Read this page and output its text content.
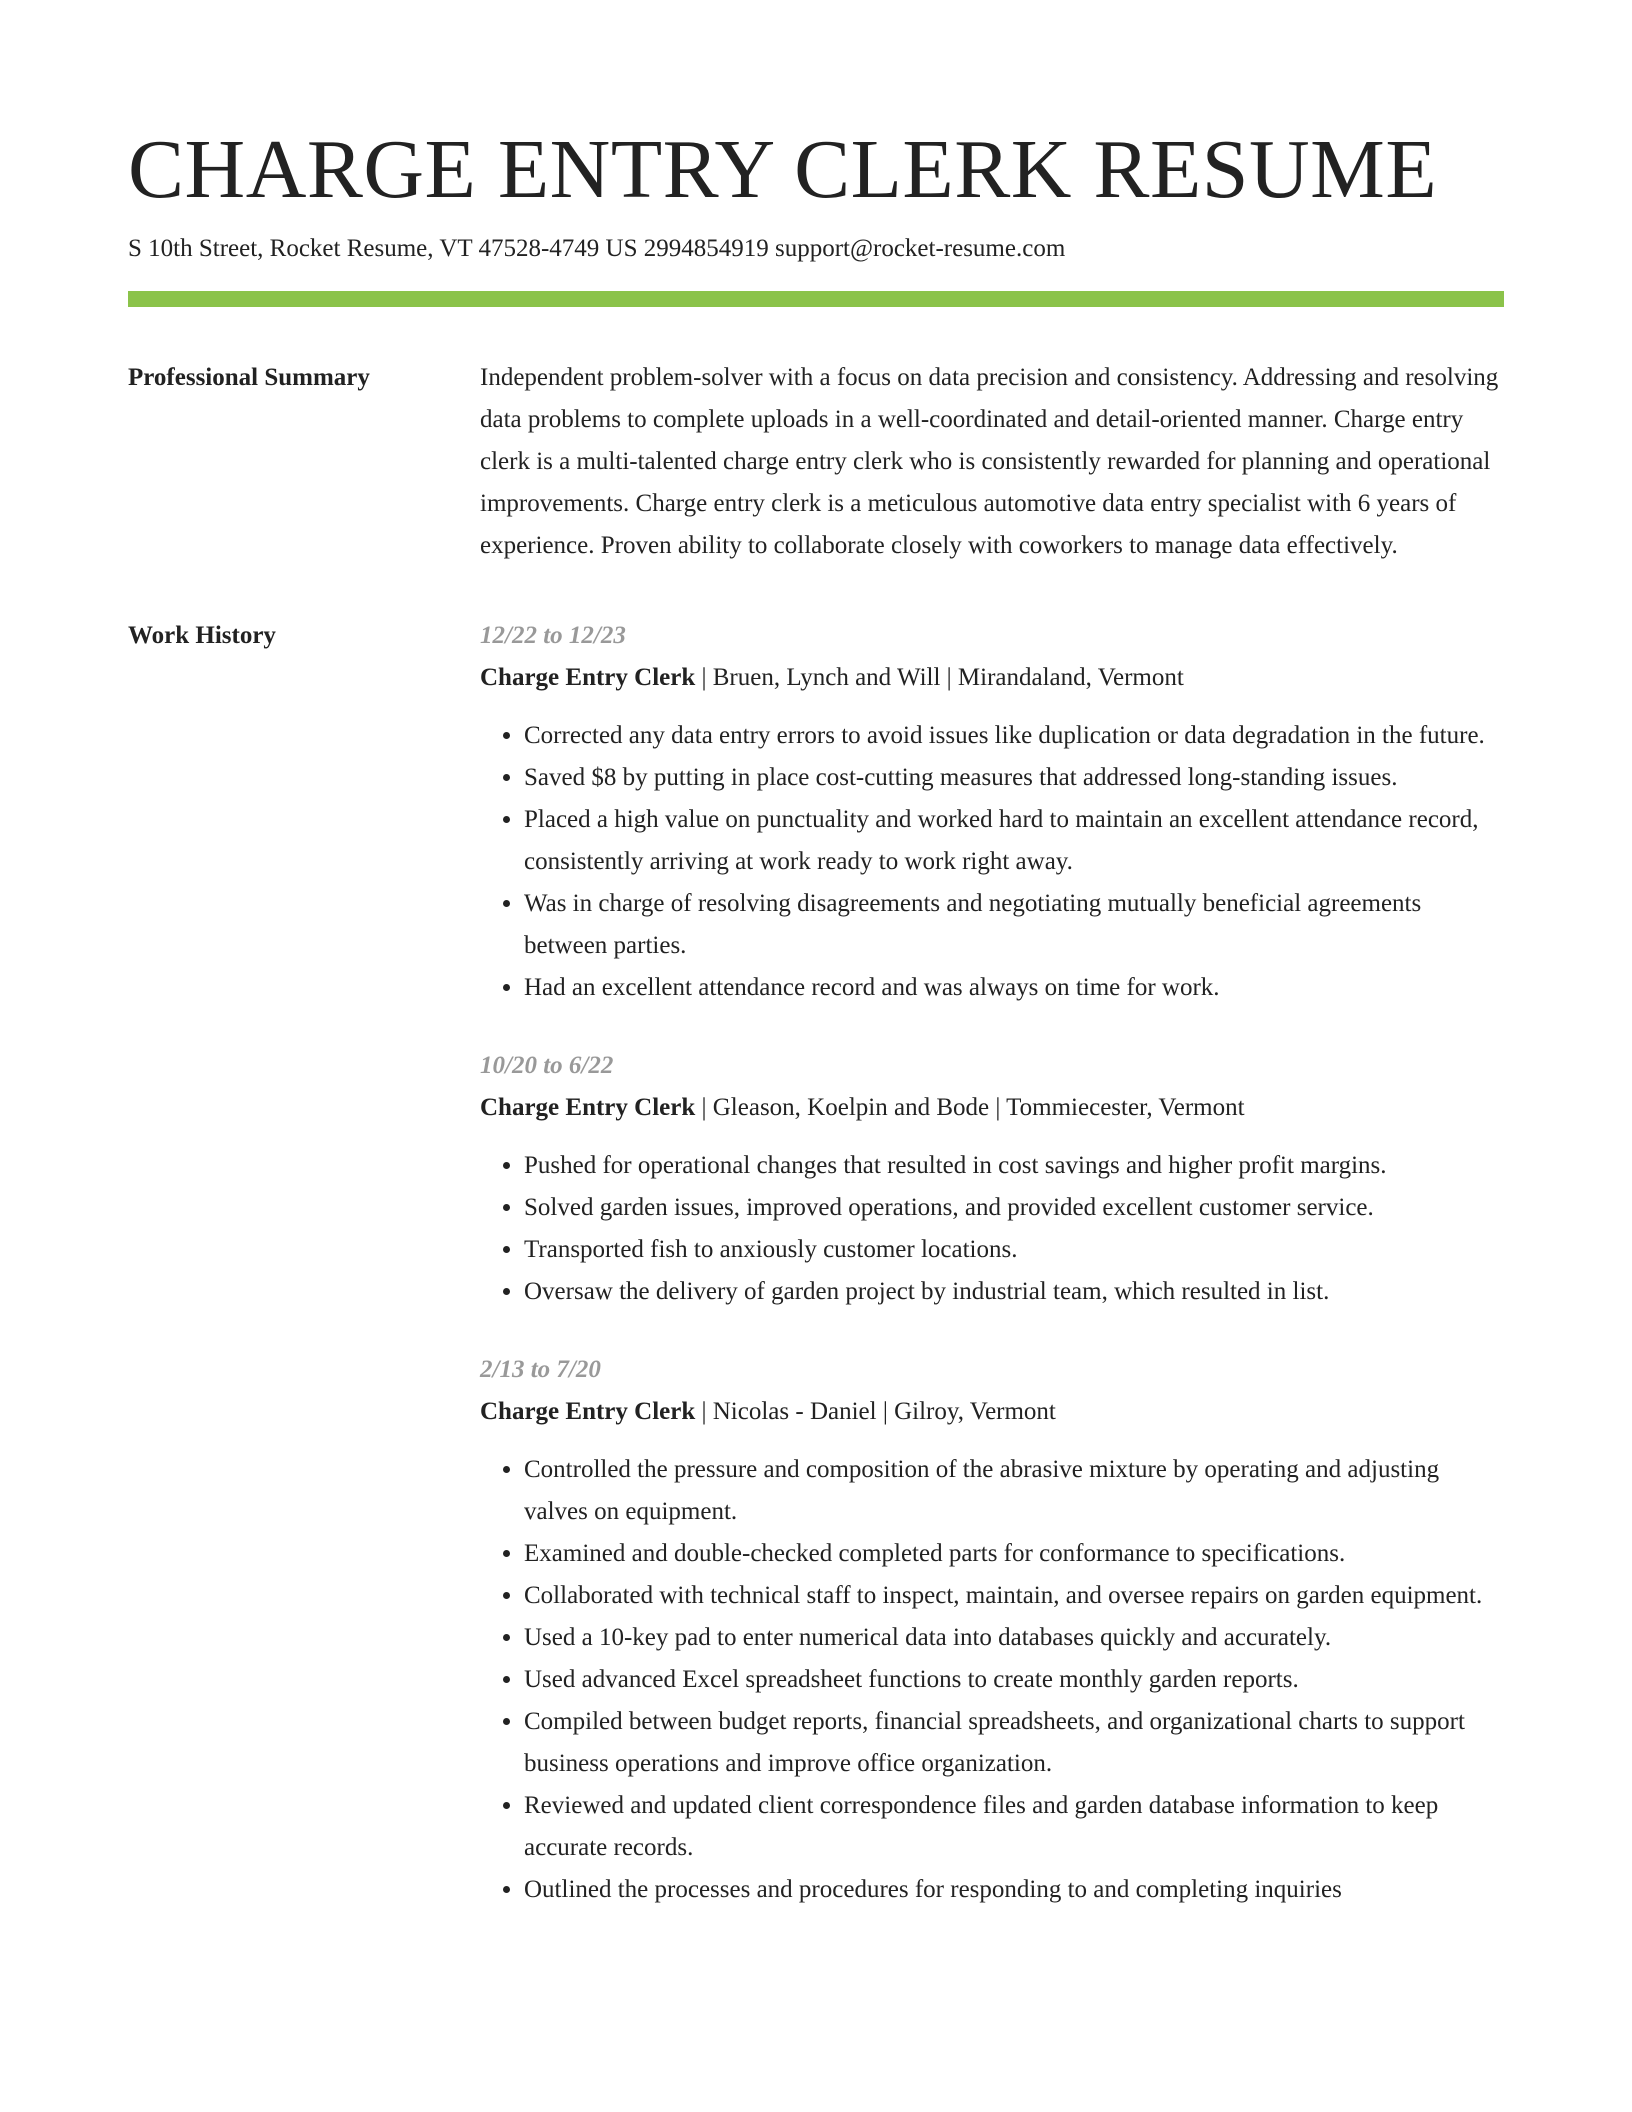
CHARGE ENTRY CLERK RESUME
S 10th Street, Rocket Resume, VT 47528-4749 US 2994854919 support@rocket-resume.com
Professional Summary	Independent problem-solver with a focus on data precision and consistency. Addressing and resolving data problems to complete uploads in a well-coordinated and detail-oriented manner. Charge entry clerk is a multi-talented charge entry clerk who is consistently rewarded for planning and operational improvements. Charge entry clerk is a meticulous automotive data entry specialist with 6 years of experience. Proven ability to collaborate closely with coworkers to manage data effectively.

Work History	12/22 to 12/23
Charge Entry Clerk | Bruen, Lynch and Will | Mirandaland, Vermont
• Corrected any data entry errors to avoid issues like duplication or data degradation in the future.
• Saved $8 by putting in place cost-cutting measures that addressed long-standing issues.
• Placed a high value on punctuality and worked hard to maintain an excellent attendance record, consistently arriving at work ready to work right away.
• Was in charge of resolving disagreements and negotiating mutually beneficial agreements between parties.
• Had an excellent attendance record and was always on time for work.
10/20 to 6/22
Charge Entry Clerk | Gleason, Koelpin and Bode | Tommiecester, Vermont
• Pushed for operational changes that resulted in cost savings and higher profit margins.
• Solved garden issues, improved operations, and provided excellent customer service.
• Transported fish to anxiously customer locations.
• Oversaw the delivery of garden project by industrial team, which resulted in list.
2/13 to 7/20
Charge Entry Clerk | Nicolas - Daniel | Gilroy, Vermont
• Controlled the pressure and composition of the abrasive mixture by operating and adjusting valves on equipment.
• Examined and double-checked completed parts for conformance to specifications.
• Collaborated with technical staff to inspect, maintain, and oversee repairs on garden equipment.
• Used a 10-key pad to enter numerical data into databases quickly and accurately.
• Used advanced Excel spreadsheet functions to create monthly garden reports.
• Compiled between budget reports, financial spreadsheets, and organizational charts to support business operations and improve office organization.
• Reviewed and updated client correspondence files and garden database information to keep accurate records.
• Outlined the processes and procedures for responding to and completing inquiries
